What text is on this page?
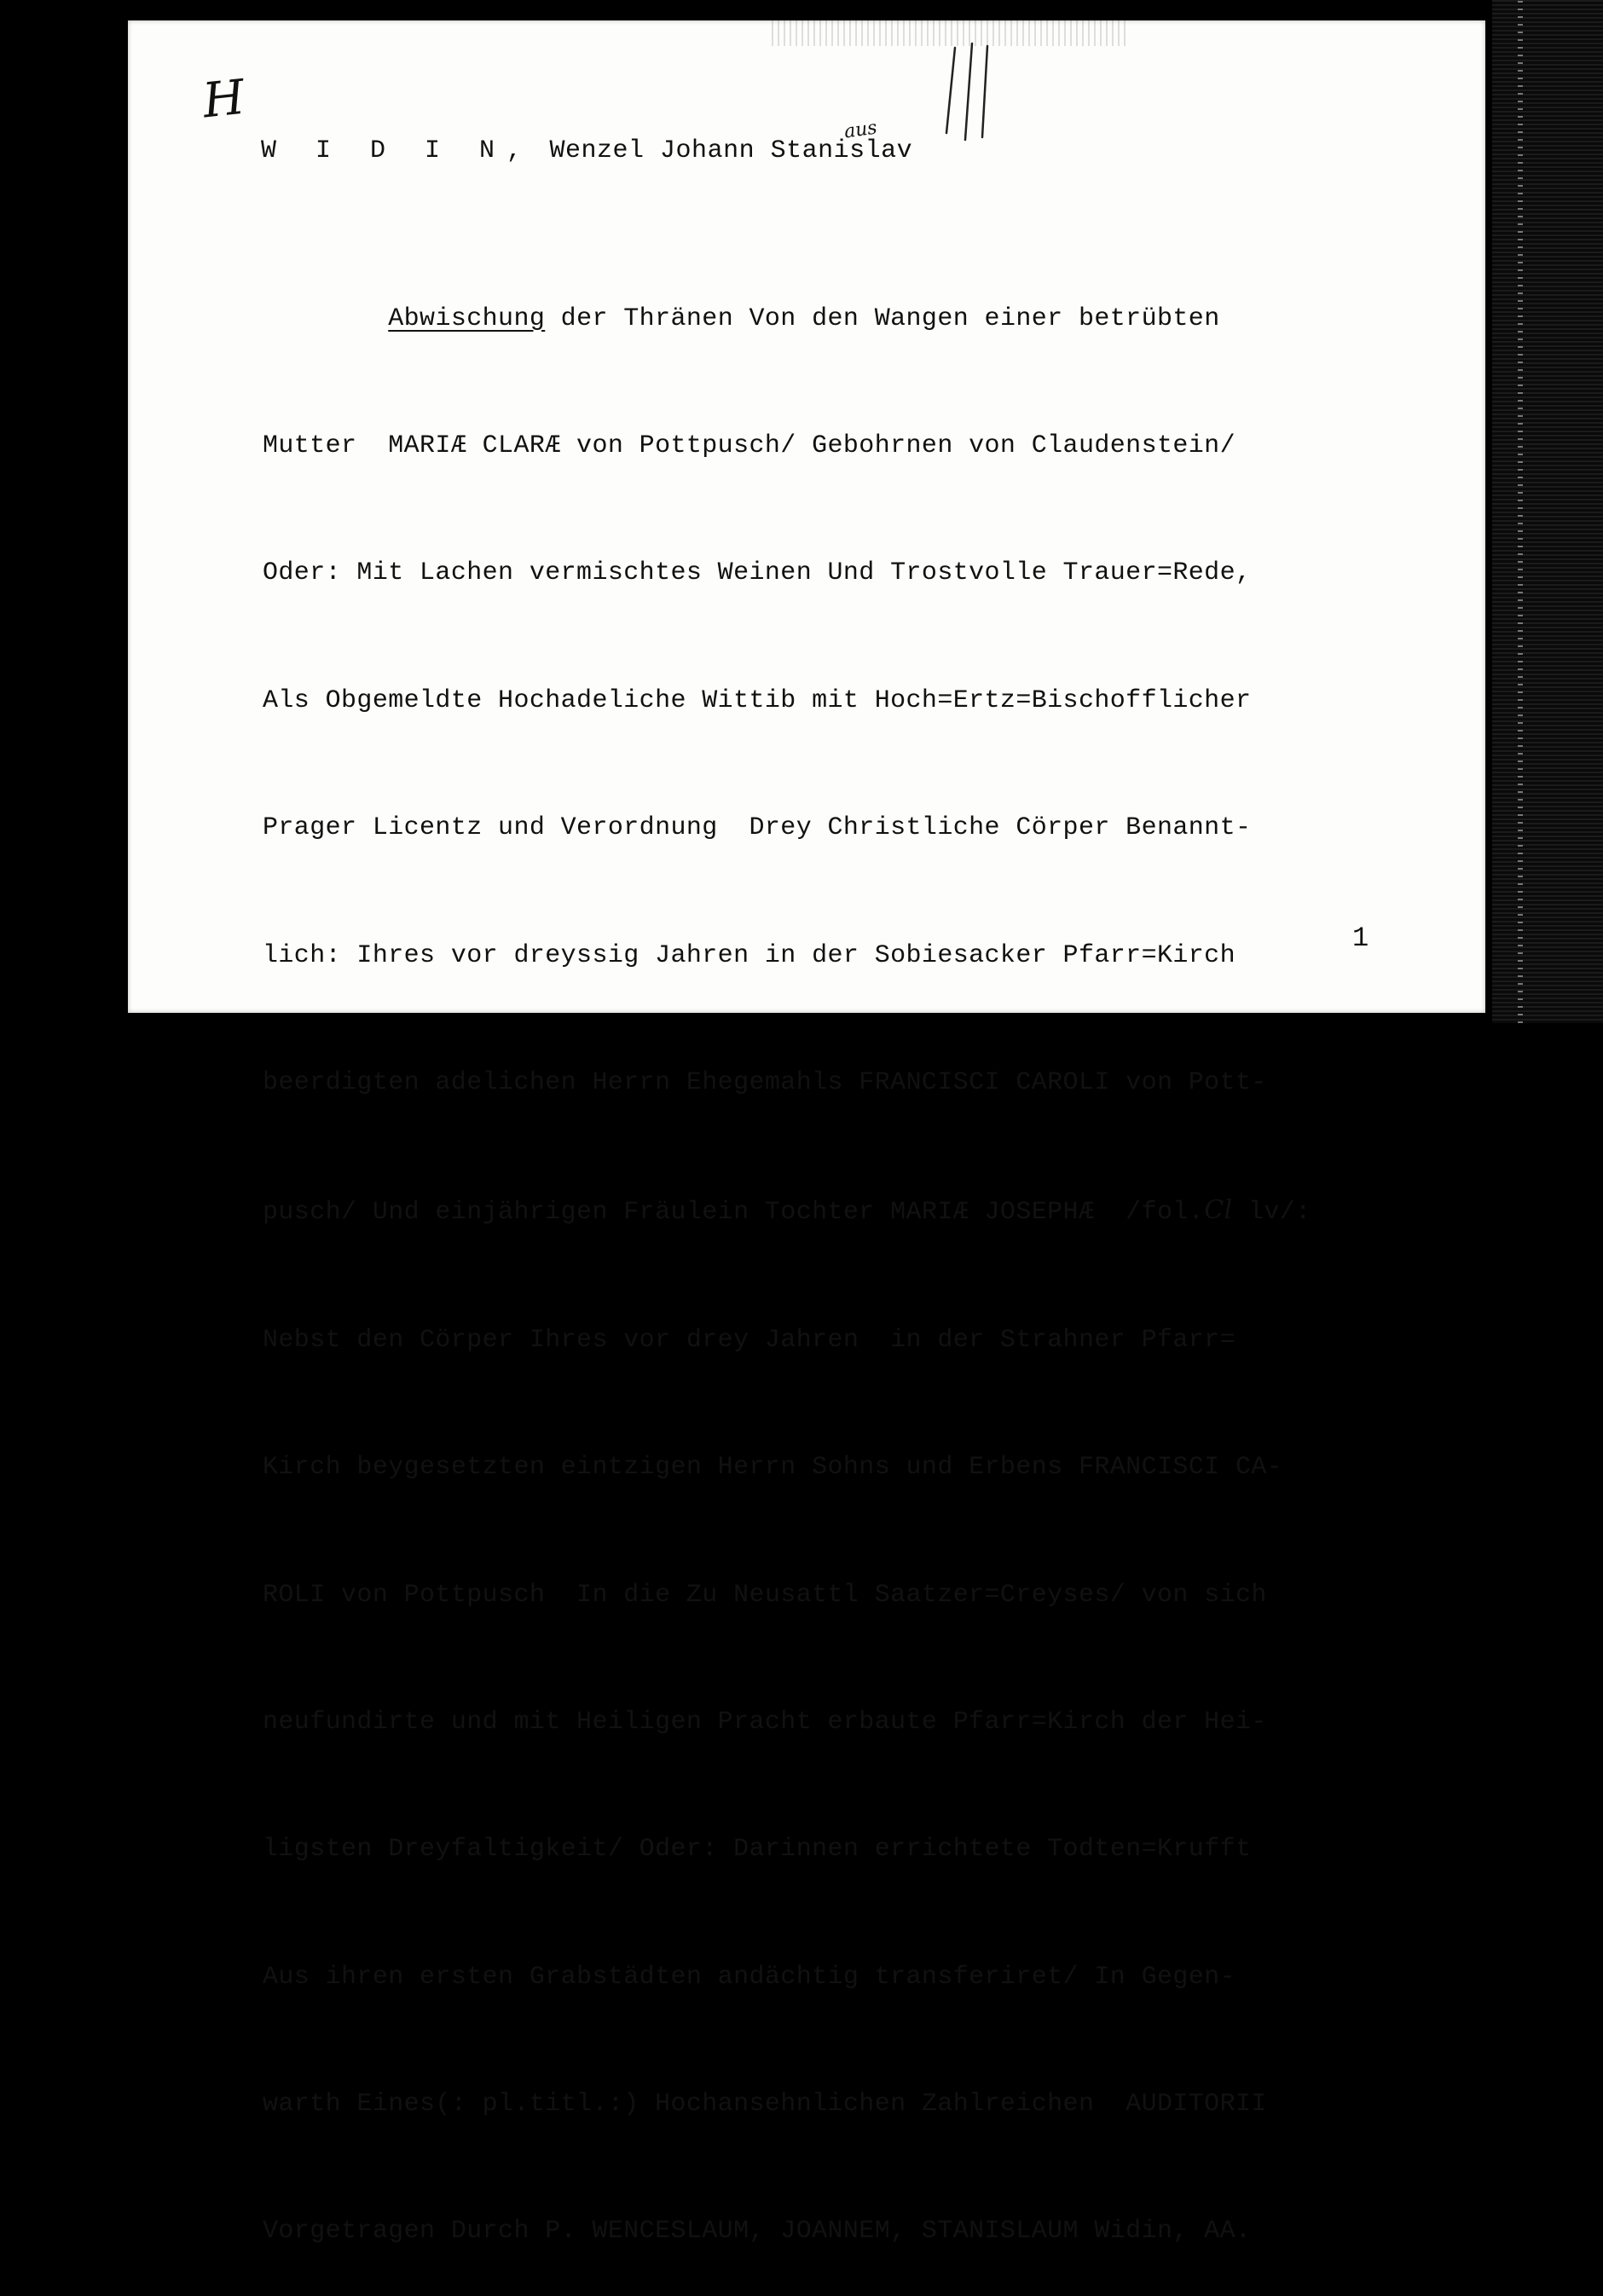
H
aus
W I D I N, Wenzel Johann Stanislav

Abwischung der Thränen Von den Wangen einer betrübten

Mutter  MARIÆ CLARÆ von Pottpusch/ Gebohrnen von Claudenstein/

Oder: Mit Lachen vermischtes Weinen Und Trostvolle Trauer=Rede,

Als Obgemeldte Hochadeliche Wittib mit Hoch=Ertz=Bischofflicher

Prager Licentz und Verordnung  Drey Christliche Cörper Benannt-

lich: Ihres vor dreyssig Jahren in der Sobiesacker Pfarr=Kirch

beerdigten adelichen Herrn Ehegemahls FRANCISCI CAROLI von Pott-

pusch/ Und einjährigen Fräulein Tochter MARIÆ JOSEPHÆ  /fol.Cl lv/:

Nebst den Cörper Ihres vor drey Jahren  in der Strahner Pfarr=

Kirch beygesetzten eintzigen Herrn Sohns und Erbens FRANCISCI CA-

ROLI von Pottpusch  In die Zu Neusattl Saatzer=Creyses/ von sich

neufundirte und mit Heiligen Pracht erbaute Pfarr=Kirch der Hei-

ligsten Dreyfaltigkeit/ Oder: Darinnen errichtete Todten=Krufft

Aus ihren ersten Grabstädten andächtig transferiret/ In Gegen-

warth Eines(: pl.titl.:) Hochansehnlichen Zahlreichen  AUDITORII

Vorgetragen Durch P. WENCESLAUM, JOANNEM, STANISLAUM Widin, AA.

1
